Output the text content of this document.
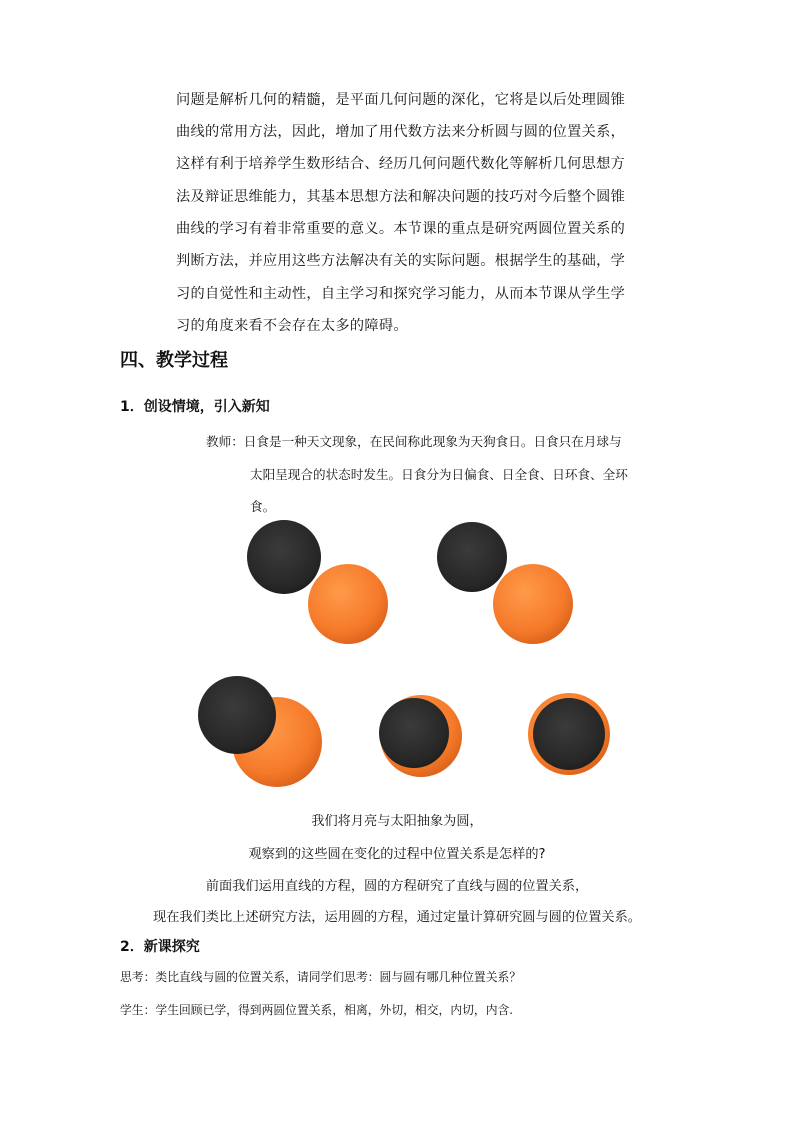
问题是解析几何的精髓，是平面几何问题的深化，它将是以后处理圆锥

曲线的常用方法，因此，增加了用代数方法来分析圆与圆的位置关系，

这样有利于培养学生数形结合、经历几何问题代数化等解析几何思想方

法及辩证思维能力，其基本思想方法和解决问题的技巧对今后整个圆锥

曲线的学习有着非常重要的意义。本节课的重点是研究两圆位置关系的

判断方法，并应用这些方法解决有关的实际问题。根据学生的基础，学

习的自觉性和主动性，自主学习和探究学习能力，从而本节课从学生学

习的角度来看不会存在太多的障碍。

四、教学过程
1．创设情境，引入新知
教师：日食是一种天文现象，在民间称此现象为天狗食日。日食只在月球与
太阳呈现合的状态时发生。日食分为日偏食、日全食、日环食、全环
食。

我们将月亮与太阳抽象为圆，

观察到的这些圆在变化的过程中位置关系是怎样的?

前面我们运用直线的方程，圆的方程研究了直线与圆的位置关系，

现在我们类比上述研究方法，运用圆的方程，通过定量计算研究圆与圆的位置关系。

2．新课探究

思考：类比直线与圆的位置关系，请同学们思考：圆与圆有哪几种位置关系？

学生：学生回顾已学，得到两圆位置关系，相离，外切，相交，内切，内含.
